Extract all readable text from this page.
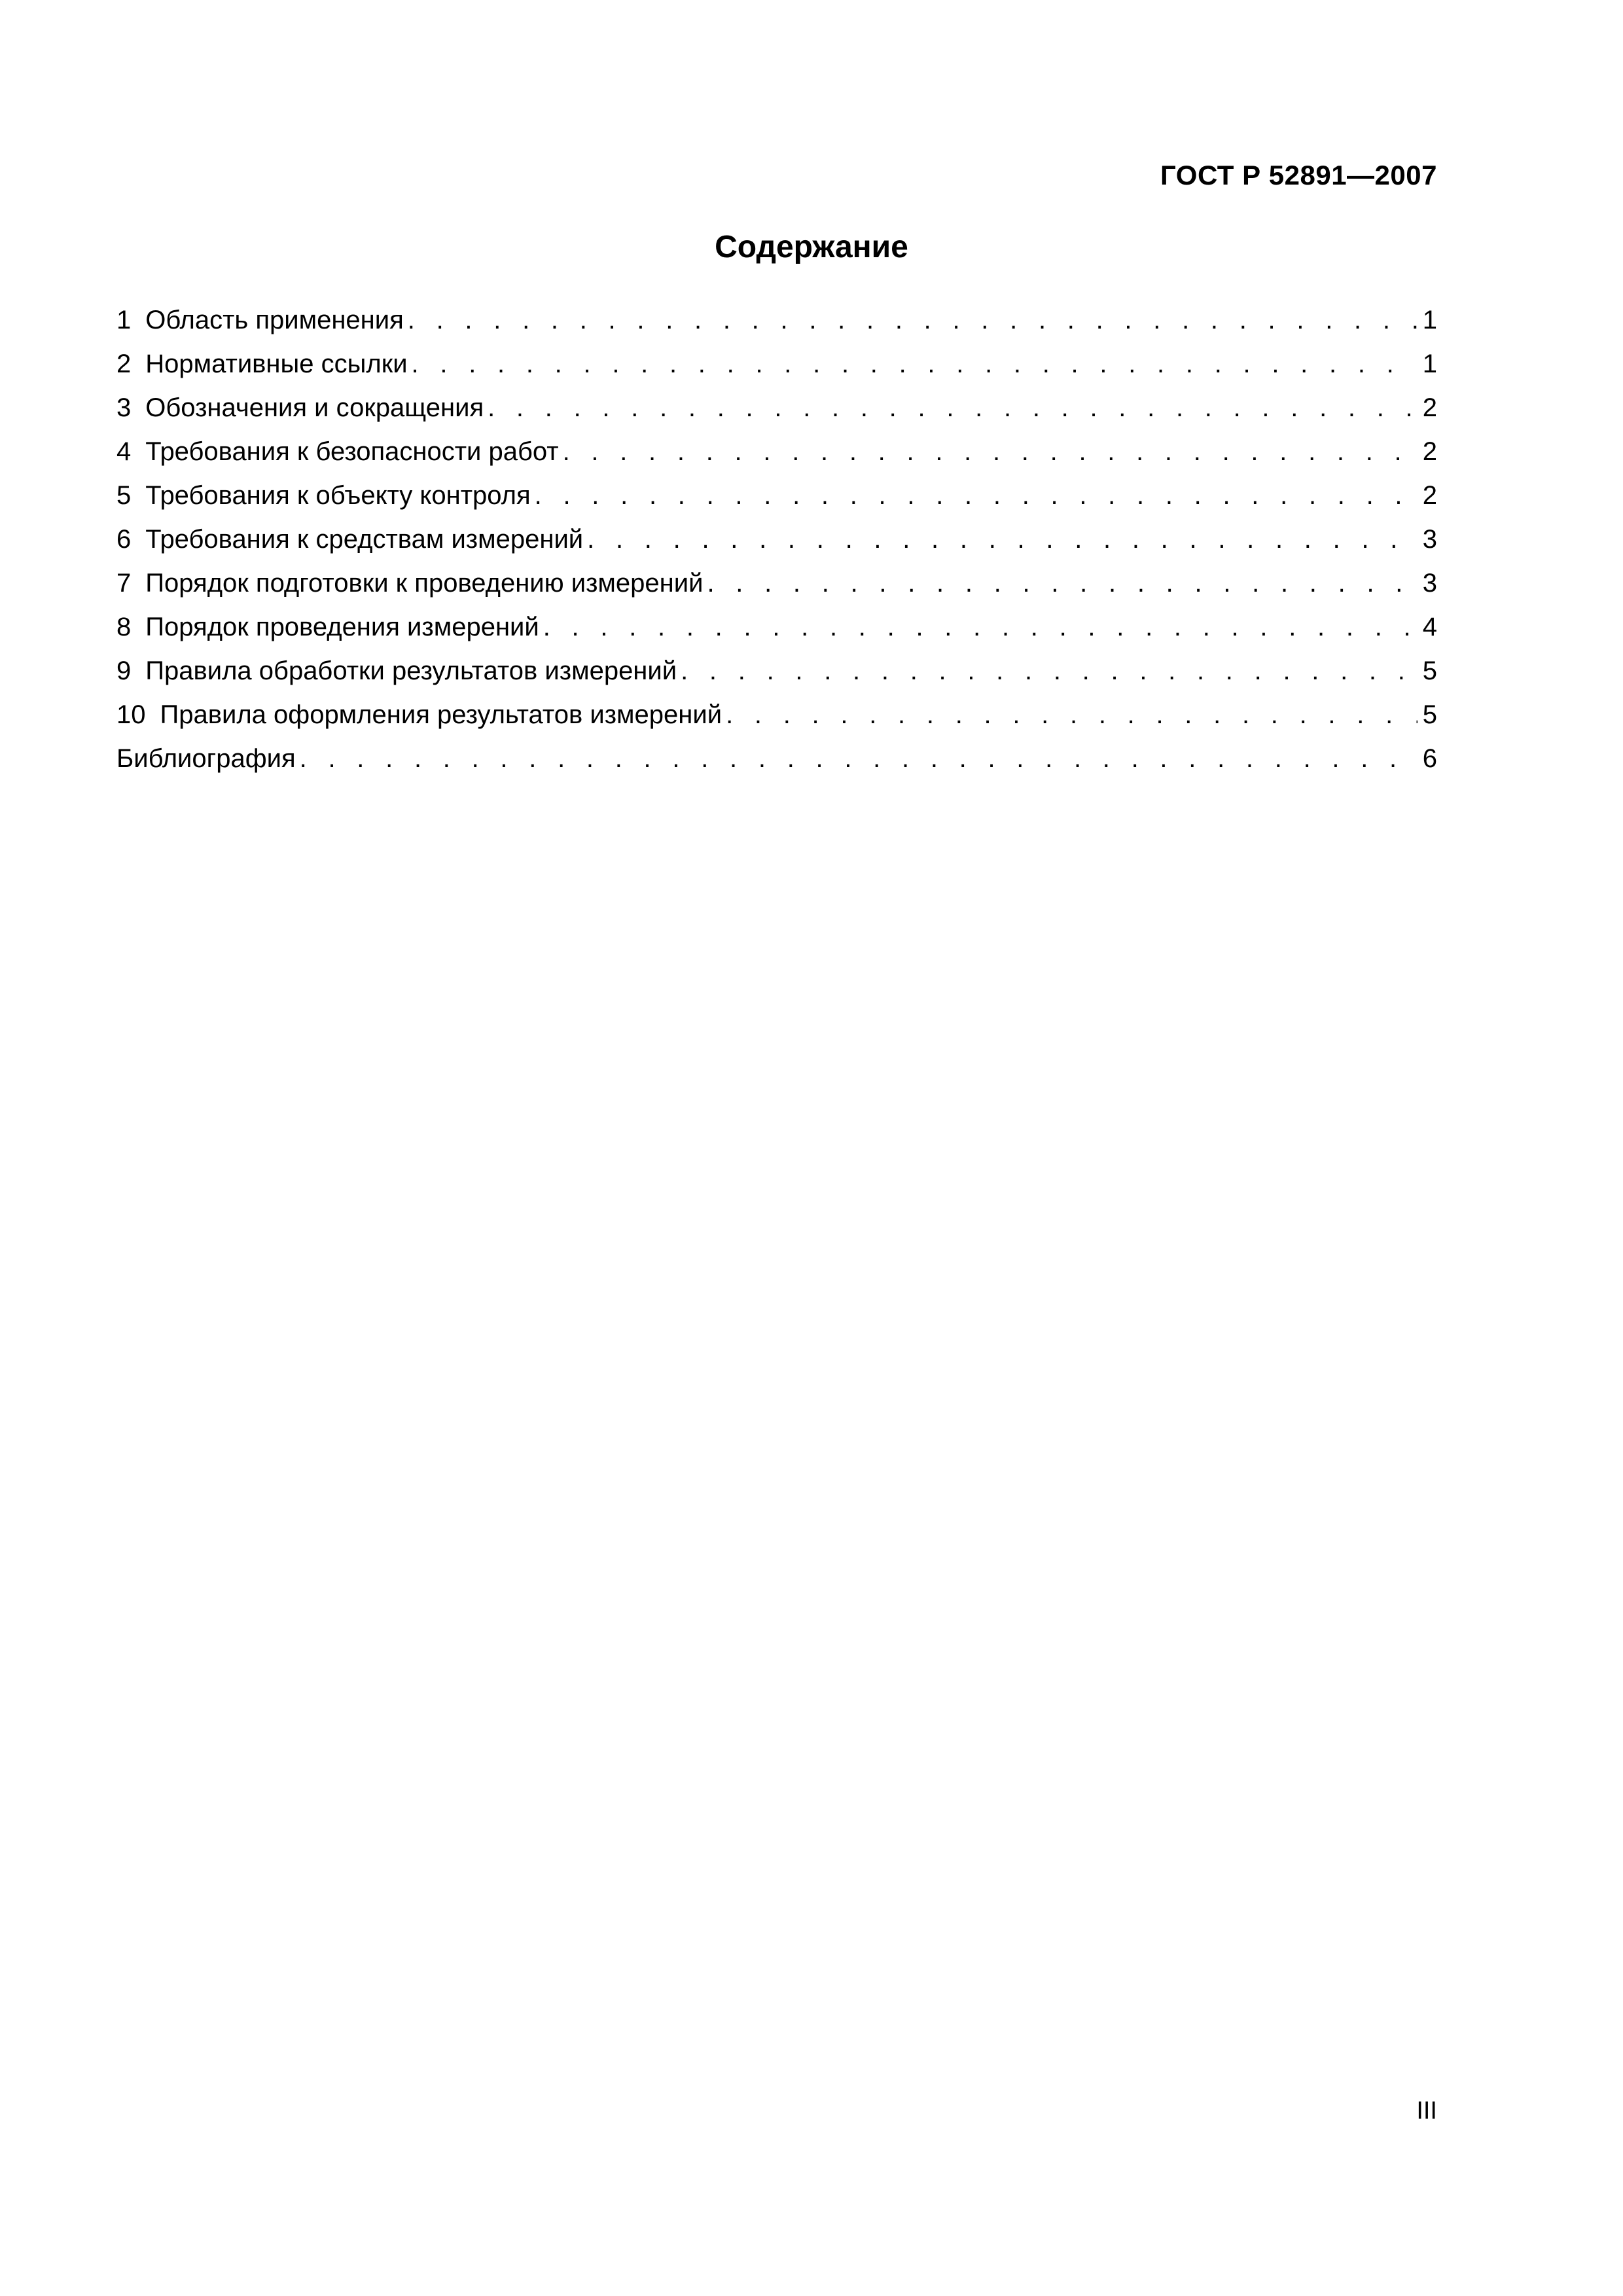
ГОСТ Р 52891—2007
Содержание
1 Область применения . . .	1
2 Нормативные ссылки . . .	1
3 Обозначения и сокращения . . .	2
4 Требования к безопасности работ . . .	2
5 Требования к объекту контроля . . .	2
6 Требования к средствам измерений . . .	3
7 Порядок подготовки к проведению измерений . . .	3
8 Порядок проведения измерений . . .	4
9 Правила обработки результатов измерений . . .	5
10 Правила оформления результатов измерений . . .	5
Библиография . . .	6
III
